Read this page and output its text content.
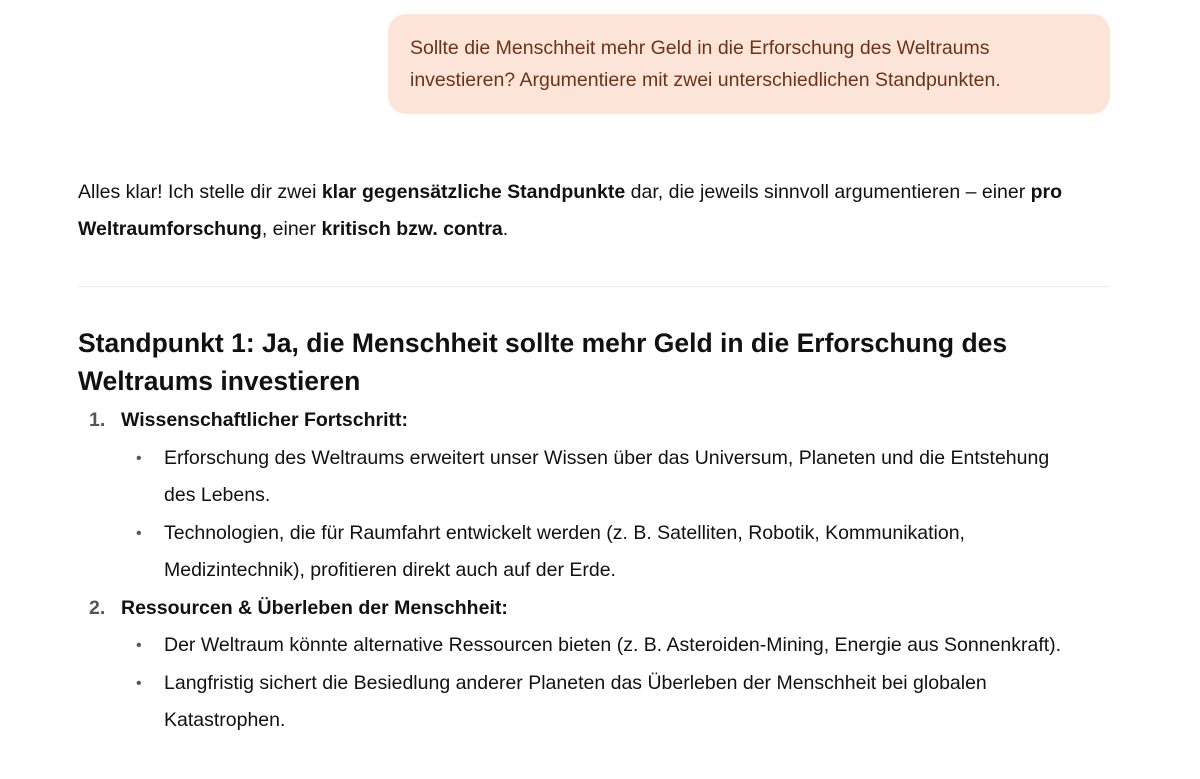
Sollte die Menschheit mehr Geld in die Erforschung des Weltraums investieren? Argumentiere mit zwei unterschiedlichen Standpunkten.

Alles klar! Ich stelle dir zwei klar gegensätzliche Standpunkte dar, die jeweils sinnvoll argumentieren – einer pro Weltraumforschung, einer kritisch bzw. contra.

Standpunkt 1: Ja, die Menschheit sollte mehr Geld in die Erforschung des Weltraums investieren
1. Wissenschaftlicher Fortschritt:
•	Erforschung des Weltraums erweitert unser Wissen über das Universum, Planeten und die Entstehung des Lebens.
•	Technologien, die für Raumfahrt entwickelt werden (z. B. Satelliten, Robotik, Kommunikation, Medizintechnik), profitieren direkt auch auf der Erde.
2. Ressourcen & Überleben der Menschheit:
•	Der Weltraum könnte alternative Ressourcen bieten (z. B. Asteroiden-Mining, Energie aus Sonnenkraft).
•	Langfristig sichert die Besiedlung anderer Planeten das Überleben der Menschheit bei globalen Katastrophen.
